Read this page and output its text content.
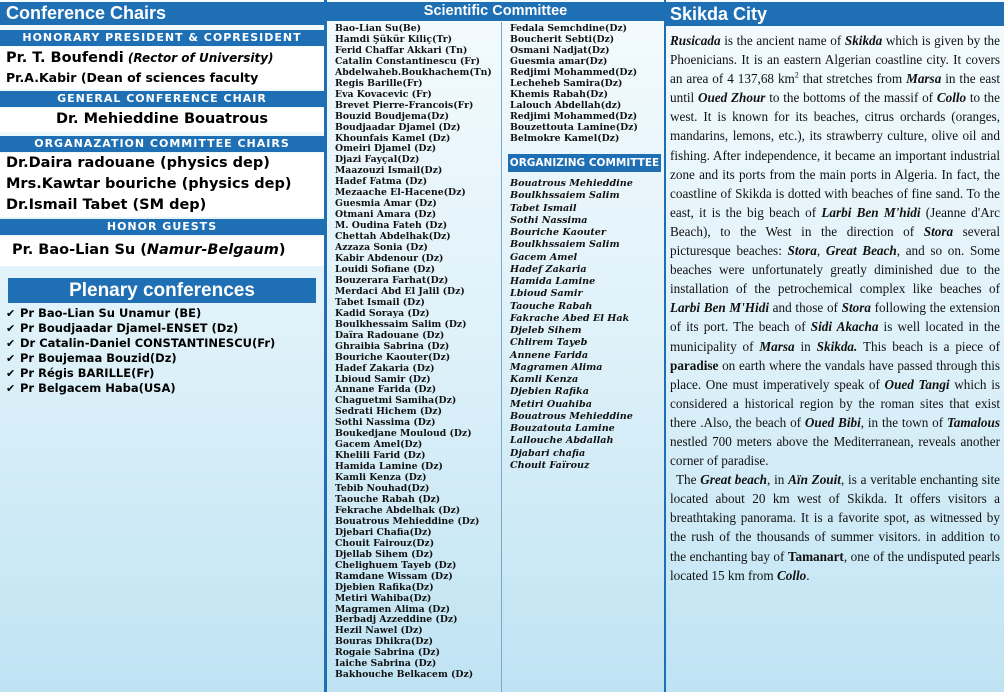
Conference Chairs
HONORARY PRESIDENT & COPRESIDENT
Pr. T. Boufendi (Rector of University)
Pr.A.Kabir (Dean of sciences faculty
GENERAL CONFERENCE CHAIR
Dr. Mehieddine Bouatrous
ORGANAZATION COMMITTEE CHAIRS
Dr.Daira radouane (physics dep)
Mrs.Kawtar bouriche (physics dep)
Dr.Ismail Tabet (SM dep)
HONOR GUESTS
Pr. Bao-Lian Su (Namur-Belgaum)
Plenary conferences
✔ Pr Bao-Lian Su Unamur (BE)
✔ Pr Boudjaadar Djamel-ENSET (Dz)
✔ Dr Catalin-Daniel CONSTANTINESCU(Fr)
✔ Pr Boujemaa Bouzid(Dz)
✔ Pr Régis BARILLE(Fr)
✔ Pr Belgacem Haba(USA)
Scientific Committee
Bao-Lian Su(Be)
Hamdi Şükür Kiliç(Tr)
Ferid Chaffar Akkari (Tn)
Catalin Constantinescu (Fr)
Abdelwaheb.Boukhachem(Tn)
Regis Barille(Fr)
Eva Kovacevic (Fr)
Brevet Pierre-Francois(Fr)
Bouzid Boudjema(Dz)
Boudjaadar Djamel (Dz)
Khounfais Kamel (Dz)
Omeiri Djamel (Dz)
Djazi Fayçal(Dz)
Maazouzi Ismail(Dz)
Hadef Fatma (Dz)
Mezaache El-Hacene(Dz)
Guesmia Amar (Dz)
Otmani Amara (Dz)
M. Oudina Fateh (Dz)
Chettah Abdelhak(Dz)
Azzaza Sonia (Dz)
Kabir Abdenour (Dz)
Louidi Sofiane (Dz)
Bouzerara Farhat(Dz)
Merdaci Abd El Jalil (Dz)
Tabet Ismail (Dz)
Kadid Soraya (Dz)
Boulkhessaim Salim (Dz)
Daïra Radouane (Dz)
Ghraibia Sabrina (Dz)
Bouriche Kaouter(Dz)
Hadef Zakaria (Dz)
Lbioud Samir (Dz)
Annane Farida (Dz)
Chaguetmi Samiha(Dz)
Sedrati Hichem (Dz)
Sothi Nassima (Dz)
Boukedjane Mouloud (Dz)
Gacem Amel(Dz)
Khelili Farid (Dz)
Hamida Lamine (Dz)
Kamli Kenza (Dz)
Tebib Nouhad(Dz)
Taouche Rabah (Dz)
Fekrache Abdelhak (Dz)
Bouatrous Mehieddine (Dz)
Djebari Chafia(Dz)
Chouit Fairouz(Dz)
Djellab Sihem (Dz)
Chelighuem Tayeb (Dz)
Ramdane Wissam (Dz)
Djebien Rafika(Dz)
Metiri Wahiba(Dz)
Magramen Alima (Dz)
Berbadj Azzeddine (Dz)
Hezil Nawel (Dz)
Bouras Dhikra(Dz)
Rogaie Sabrina (Dz)
Iaiche Sabrina (Dz)
Bakhouche Belkacem (Dz)
Fedala Semchdine(Dz)
Boucherit Sebti(Dz)
Osmani Nadjat(Dz)
Guesmia amar(Dz)
Redjimi Mohammed(Dz)
Lecheheb Samira(Dz)
Khemis Rabah(Dz)
Lalouch Abdellah(dz)
Redjimi Mohammed(Dz)
Bouzettouta Lamine(Dz)
Belmokre Kamel(Dz)
ORGANIZING COMMITTEE
Bouatrous Mehieddine
Boulkhssaiem Salim
Tabet Ismail
Sothi Nassima
Bouriche Kaouter
Boulkhssaiem Salim
Gacem Amel
Hadef Zakaria
Hamida Lamine
Lbioud Samir
Taouche Rabah
Fakrache Abed El Hak
Djeleb Sihem
Chlirem Tayeb
Annene Farida
Magramen Alima
Kamli Kenza
Djebien Rafika
Metiri Ouahiba
Bouatrous Mehieddine
Bouzatouta Lamine
Lallouche Abdallah
Djabari chafia
Chouit Faïrouz
Skikda City

Rusicada is the ancient name of Skikda which is given by the Phoenicians. It is an eastern Algerian coastline city. It covers an area of 4 137,68 $km^2$ that stretches from Marsa in the east until Oued Zhour to the bottoms of the massif of Collo to the west. It is known for its beaches, citrus orchards (oranges, mandarins, lemons, etc.), its strawberry culture, olive oil and fishing. After independence, it became an important industrial zone and its ports from the main ports in Algeria. In fact, the coastline of Skikda is dotted with beaches of fine sand. To the east, it is the big beach of Larbi Ben M'hidi (Jeanne d'Arc Beach), to the West in the direction of Stora several picturesque beaches: Stora, Great Beach, and so on. Some beaches were unfortunately greatly diminished due to the installation of the petrochemical complex like beaches of Larbi Ben M'Hidi and those of Stora following the extension of its port. The beach of Sidi Akacha is well located in the municipality of Marsa in Skikda. This beach is a piece of paradise on earth where the vandals have passed through this place. One must imperatively speak of Oued Tangi which is considered a historical region by the roman sites that exist there .Also, the beach of Oued Bibi, in the town of Tamalous nestled 700 meters above the Mediterranean, reveals another corner of paradise.

The Great beach, in Aïn Zouit, is a veritable enchanting site located about 20 km west of Skikda. It offers visitors a breathtaking panorama. It is a favorite spot, as witnessed by the rush of the thousands of summer visitors. in addition to the enchanting bay of Tamanart, one of the undisputed pearls located 15 km from Collo.
